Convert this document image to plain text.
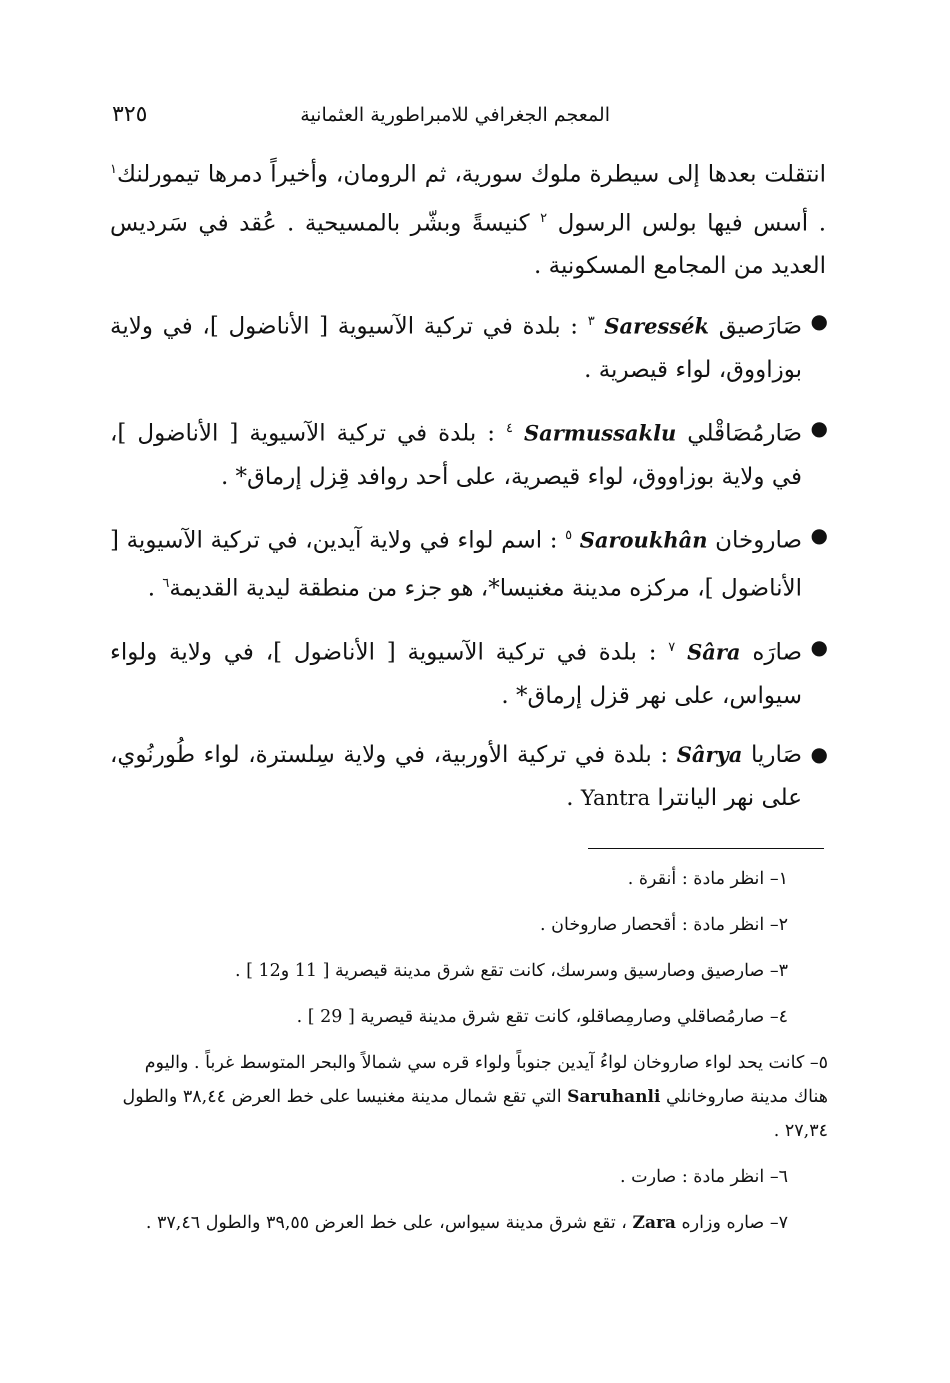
المعجم الجغرافي للامبراطورية العثمانية
٣٢٥

انتقلت بعدها إلى سيطرة ملوك سورية، ثم الرومان، وأخيراً دمرها تيمورلنك$^١$ . أسس فيها بولس الرسول $^٢$ كنيسةً وبشّر بالمسيحية . عُقد في سَرديس العديد من المجامع المسكونية .

●
صَارَصيق Saressék $^٣$ : بلدة في تركية الآسيوية [ الأناضول ]، في ولاية بوزاووق، لواء قيصرية .

●
صَارمُصَاقْلي Sarmussaklu $^٤$ : بلدة في تركية الآسيوية [ الأناضول ]، في ولاية بوزاووق، لواء قيصرية، على أحد روافد قِزل إرماق* .

●
صاروخان Saroukhân $^٥$ : اسم لواء في ولاية آيدين، في تركية الآسيوية [ الأناضول ]، مركزه مدينة مغنيسا*، هو جزء من منطقة ليدية القديمة$^٦$ .

●
صارَه Sâra $^٧$ : بلدة في تركية الآسيوية [ الأناضول ]، في ولاية ولواء سيواس، على نهر قزل إرماق* .

●
صَاريا Sârya : بلدة في تركية الأوربية، في ولاية سِلسترة، لواء طُورنُوي، على نهر اليانترا Yantra .

١– انظر مادة : أنقرة .

٢– انظر مادة : أقحصار صاروخان .

٣– صارصيق وصارسيق وسرسك، كانت تقع شرق مدينة قيصرية [ 11 و12 ] .

٤– صارمُصاقلي وصارمِصاقلو، كانت تقع شرق مدينة قيصرية [ 29 ] .

٥– كانت يحد لواء صاروخان لواءُ آيدين جنوباً ولواء قره سي شمالاً والبحر المتوسط غرباً . واليوم هناك مدينة صاروخانلي Saruhanli التي تقع شمال مدينة مغنيسا على خط العرض ٣٨,٤٤ والطول ٢٧,٣٤ .

٦– انظر مادة : صارت .

٧– صاره وزاره Zara ، تقع شرق مدينة سيواس، على خط العرض ٣٩,٥٥ والطول ٣٧,٤٦ .
